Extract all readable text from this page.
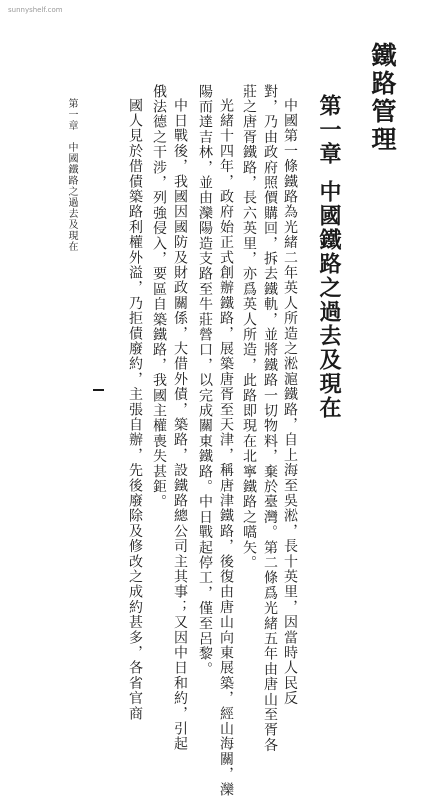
sunnyshelf.com
鐵路管理
第一章中國鐵路之過去及現在
中國第一條鐵路為光緒二年英人所造之淞滬鐵路，自上海至吳淞，長十英里，因當時人民反
對，乃由政府照價購回，拆去鐵軌，並將鐵路一切物料，棄於臺灣。第二條爲光緒五年由唐山至胥各
莊之唐胥鐵路，長六英里，亦爲英人所造，此路即現在北寧鐵路之嚆矢。
光緒十四年，政府始正式創辦鐵路，展築唐胥至天津，稱唐津鐵路，後復由唐山向東展築，經山海關，灤
陽而達吉林，並由灤陽造支路至牛莊營口，以完成關東鐵路。中日戰起停工，僅至呂黎。
中日戰後，我國因國防及財政關係，大借外債，築路，設鐵路總公司主其事；又因中日和約，引起
俄法德之干涉，列強侵入，要區自築鐵路，我國主權喪失甚鉅。
國人見於借債築路利權外溢，乃拒債廢約，主張自辦，先後廢除及修改之成約甚多，各省官商
第一章　中國鐵路之過去及現在
